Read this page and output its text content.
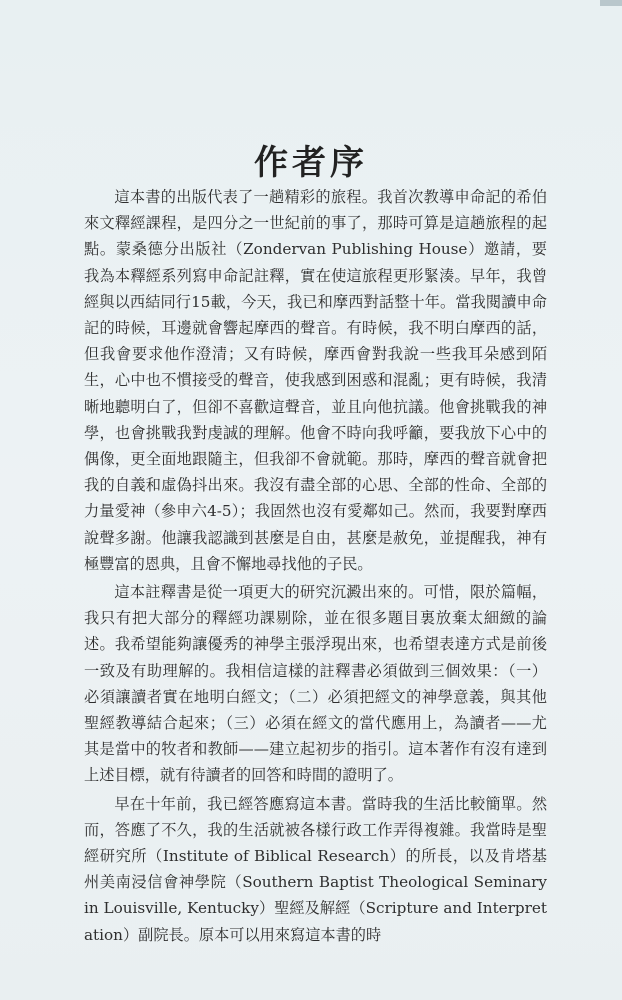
作者序

這本書的出版代表了一趟精彩的旅程。我首次教導申命記的希伯來文釋經課程，是四分之一世紀前的事了，那時可算是這趟旅程的起點。蒙桑德分出版社（Zondervan Publishing House）邀請，要我為本釋經系列寫申命記註釋，實在使這旅程更形緊湊。早年，我曾經與以西結同行15載，今天，我已和摩西對話整十年。當我閱讀申命記的時候，耳邊就會響起摩西的聲音。有時候，我不明白摩西的話，但我會要求他作澄清；又有時候，摩西會對我說一些我耳朵感到陌生，心中也不慣接受的聲音，使我感到困惑和混亂；更有時候，我清晰地聽明白了，但卻不喜歡這聲音，並且向他抗議。他會挑戰我的神學，也會挑戰我對虔誠的理解。他會不時向我呼籲，要我放下心中的偶像，更全面地跟隨主，但我卻不會就範。那時，摩西的聲音就會把我的自義和虛偽抖出來。我沒有盡全部的心思、全部的性命、全部的力量愛神（參申六4-5）；我固然也沒有愛鄰如己。然而，我要對摩西說聲多謝。他讓我認識到甚麼是自由，甚麼是赦免，並提醒我，神有極豐富的恩典，且會不懈地尋找他的子民。

這本註釋書是從一項更大的研究沉澱出來的。可惜，限於篇幅，我只有把大部分的釋經功課剔除，並在很多題目裏放棄太細緻的論述。我希望能夠讓優秀的神學主張浮現出來，也希望表達方式是前後一致及有助理解的。我相信這樣的註釋書必須做到三個效果：（一）必須讓讀者實在地明白經文；（二）必須把經文的神學意義，與其他聖經教導結合起來；（三）必須在經文的當代應用上，為讀者——尤其是當中的牧者和教師——建立起初步的指引。這本著作有沒有達到上述目標，就有待讀者的回答和時間的證明了。

早在十年前，我已經答應寫這本書。當時我的生活比較簡單。然而，答應了不久，我的生活就被各樣行政工作弄得複雜。我當時是聖經研究所（Institute of Biblical Research）的所長，以及肯塔基州美南浸信會神學院（Southern Baptist Theological Seminary in Louisville, Kentucky）聖經及解經（Scripture and Interpretation）副院長。原本可以用來寫這本書的時
